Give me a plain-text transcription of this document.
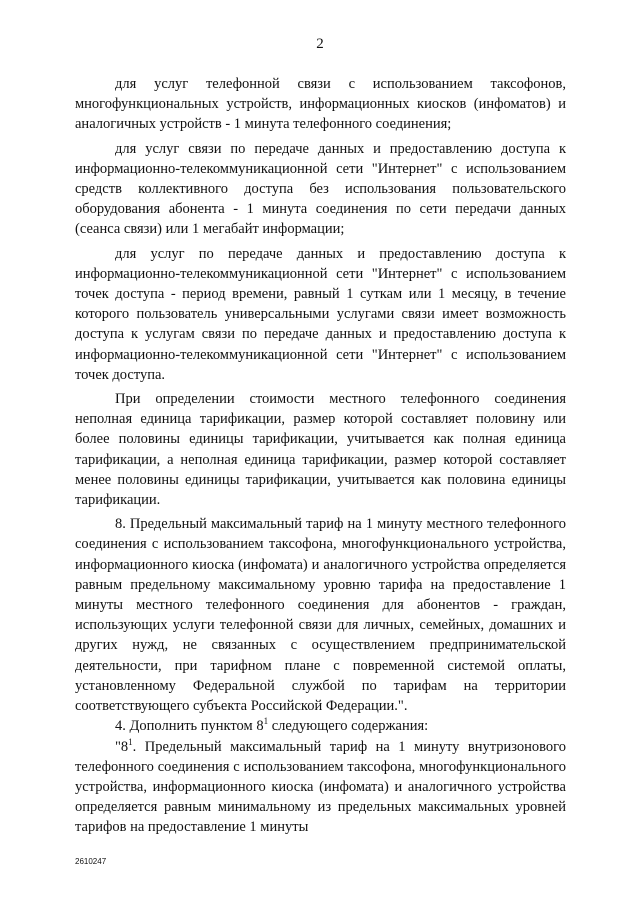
2

для услуг телефонной связи с использованием таксофонов, многофункциональных устройств, информационных киосков (инфоматов) и аналогичных устройств - 1 минута телефонного соединения;

для услуг связи по передаче данных и предоставлению доступа к информационно-телекоммуникационной сети "Интернет" с использованием средств коллективного доступа без использования пользовательского оборудования абонента - 1 минута соединения по сети передачи данных (сеанса связи) или 1 мегабайт информации;

для услуг по передаче данных и предоставлению доступа к информационно-телекоммуникационной сети "Интернет" с использованием точек доступа - период времени, равный 1 суткам или 1 месяцу, в течение которого пользователь универсальными услугами связи имеет возможность доступа к услугам связи по передаче данных и предоставлению доступа к информационно-телекоммуникационной сети "Интернет" с использованием точек доступа.

При определении стоимости местного телефонного соединения неполная единица тарификации, размер которой составляет половину или более половины единицы тарификации, учитывается как полная единица тарификации, а неполная единица тарификации, размер которой составляет менее половины единицы тарификации, учитывается как половина единицы тарификации.

8. Предельный максимальный тариф на 1 минуту местного телефонного соединения с использованием таксофона, многофункционального устройства, информационного киоска (инфомата) и аналогичного устройства определяется равным предельному максимальному уровню тарифа на предоставление 1 минуты местного телефонного соединения для абонентов - граждан, использующих услуги телефонной связи для личных, семейных, домашних и других нужд, не связанных с осуществлением предпринимательской деятельности, при тарифном плане с повременной системой оплаты, установленному Федеральной службой по тарифам на территории соответствующего субъекта Российской Федерации.".

4. Дополнить пунктом $8^1$ следующего содержания:

"$8^1$. Предельный максимальный тариф на 1 минуту внутризонового телефонного соединения с использованием таксофона, многофункционального устройства, информационного киоска (инфомата) и аналогичного устройства определяется равным минимальному из предельных максимальных уровней тарифов на предоставление 1 минуты

2610247
